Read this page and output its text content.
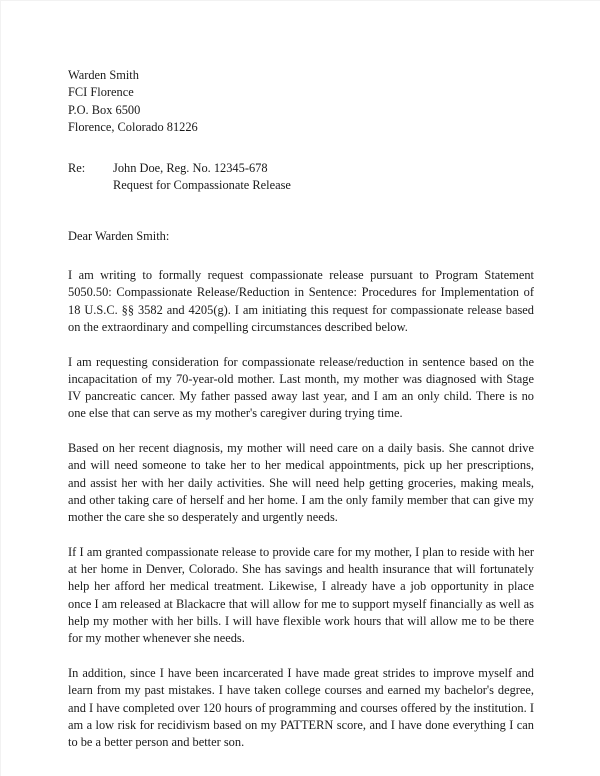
Warden Smith
FCI Florence
P.O. Box 6500
Florence, Colorado 81226
Re:	John Doe, Reg. No. 12345-678
Request for Compassionate Release
Dear Warden Smith:

I am writing to formally request compassionate release pursuant to Program Statement 5050.50: Compassionate Release/Reduction in Sentence: Procedures for Implementation of 18 U.S.C. §§ 3582 and 4205(g). I am initiating this request for compassionate release based on the extraordinary and compelling circumstances described below.

I am requesting consideration for compassionate release/reduction in sentence based on the incapacitation of my 70-year-old mother. Last month, my mother was diagnosed with Stage IV pancreatic cancer. My father passed away last year, and I am an only child. There is no one else that can serve as my mother's caregiver during trying time.

Based on her recent diagnosis, my mother will need care on a daily basis. She cannot drive and will need someone to take her to her medical appointments, pick up her prescriptions, and assist her with her daily activities. She will need help getting groceries, making meals, and other taking care of herself and her home. I am the only family member that can give my mother the care she so desperately and urgently needs.

If I am granted compassionate release to provide care for my mother, I plan to reside with her at her home in Denver, Colorado. She has savings and health insurance that will fortunately help her afford her medical treatment. Likewise, I already have a job opportunity in place once I am released at Blackacre that will allow for me to support myself financially as well as help my mother with her bills. I will have flexible work hours that will allow me to be there for my mother whenever she needs.

In addition, since I have been incarcerated I have made great strides to improve myself and learn from my past mistakes. I have taken college courses and earned my bachelor's degree, and I have completed over 120 hours of programming and courses offered by the institution. I am a low risk for recidivism based on my PATTERN score, and I have done everything I can to be a better person and better son.
